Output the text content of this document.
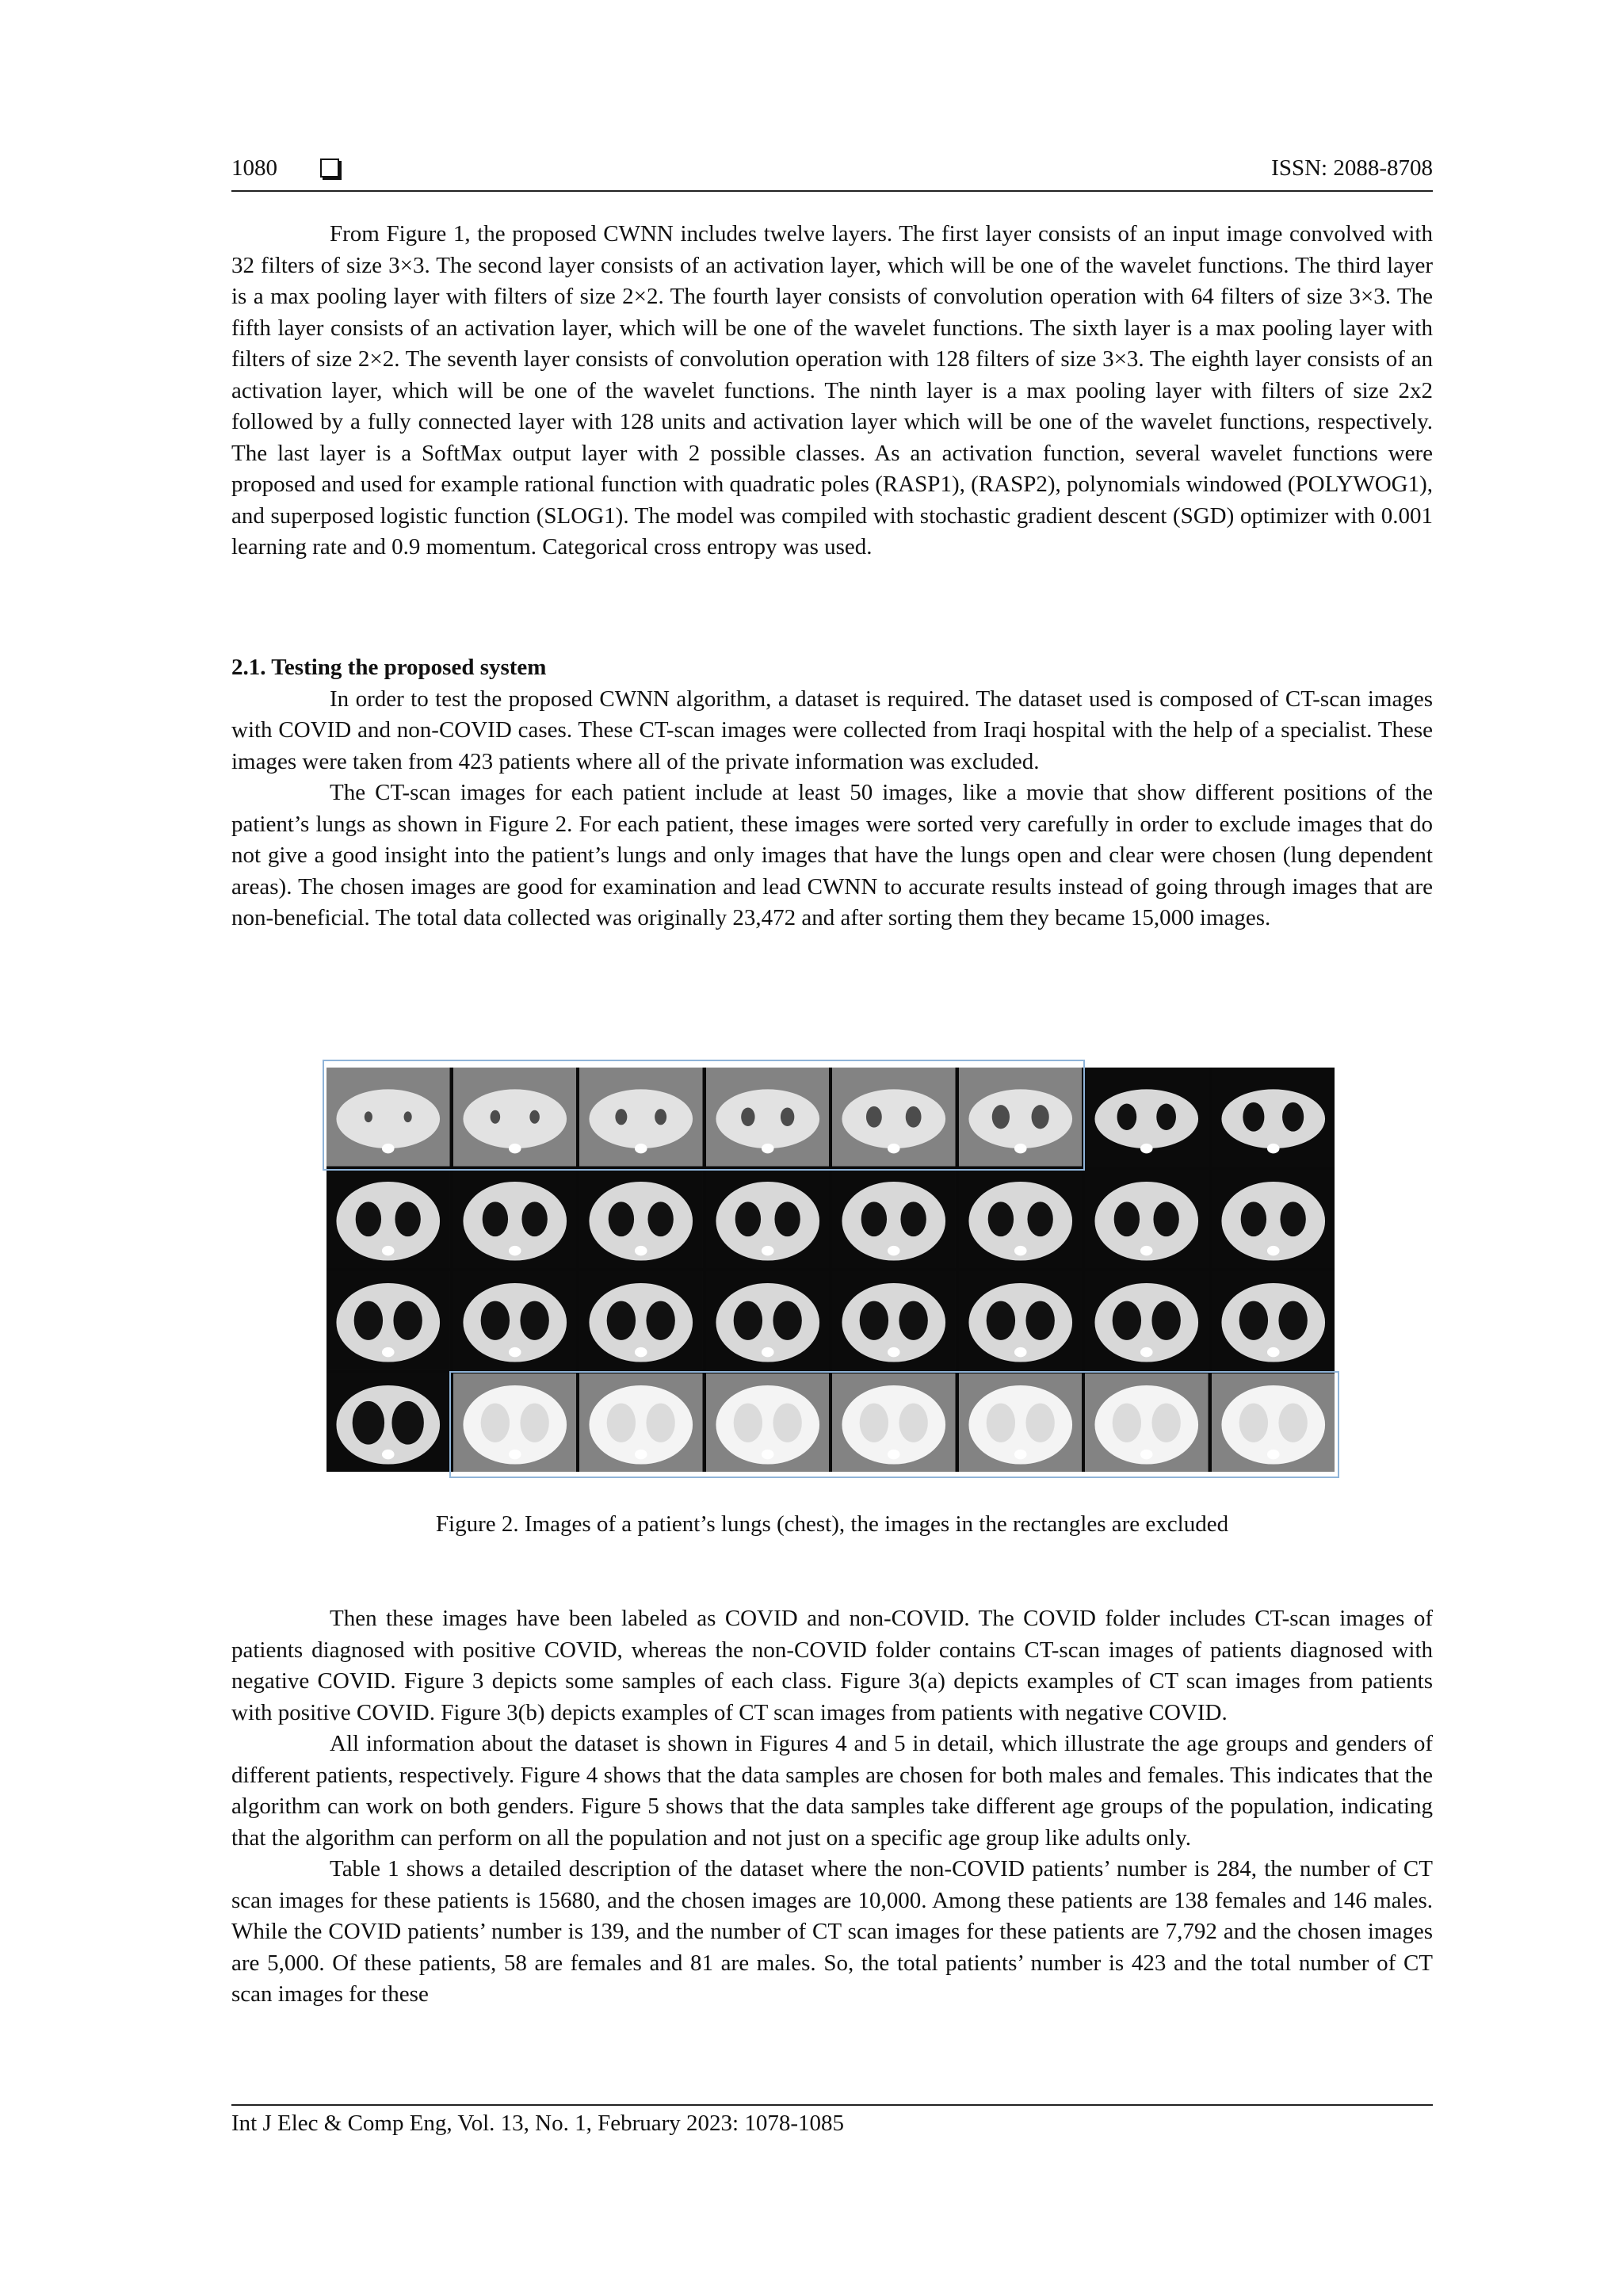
1080	ISSN: 2088-8708

From Figure 1, the proposed CWNN includes twelve layers. The first layer consists of an input image convolved with 32 filters of size 3×3. The second layer consists of an activation layer, which will be one of the wavelet functions. The third layer is a max pooling layer with filters of size 2×2. The fourth layer consists of convolution operation with 64 filters of size 3×3. The fifth layer consists of an activation layer, which will be one of the wavelet functions. The sixth layer is a max pooling layer with filters of size 2×2. The seventh layer consists of convolution operation with 128 filters of size 3×3. The eighth layer consists of an activation layer, which will be one of the wavelet functions. The ninth layer is a max pooling layer with filters of size 2x2 followed by a fully connected layer with 128 units and activation layer which will be one of the wavelet functions, respectively. The last layer is a SoftMax output layer with 2 possible classes. As an activation function, several wavelet functions were proposed and used for example rational function with quadratic poles (RASP1), (RASP2), polynomials windowed (POLYWOG1), and superposed logistic function (SLOG1). The model was compiled with stochastic gradient descent (SGD) optimizer with 0.001 learning rate and 0.9 momentum. Categorical cross entropy was used.

2.1. Testing the proposed system

In order to test the proposed CWNN algorithm, a dataset is required. The dataset used is composed of CT-scan images with COVID and non-COVID cases. These CT-scan images were collected from Iraqi hospital with the help of a specialist. These images were taken from 423 patients where all of the private information was excluded.

The CT-scan images for each patient include at least 50 images, like a movie that show different positions of the patient’s lungs as shown in Figure 2. For each patient, these images were sorted very carefully in order to exclude images that do not give a good insight into the patient’s lungs and only images that have the lungs open and clear were chosen (lung dependent areas). The chosen images are good for examination and lead CWNN to accurate results instead of going through images that are non-beneficial. The total data collected was originally 23,472 and after sorting them they became 15,000 images.

Figure 2. Images of a patient’s lungs (chest), the images in the rectangles are excluded

Then these images have been labeled as COVID and non-COVID. The COVID folder includes CT-scan images of patients diagnosed with positive COVID, whereas the non-COVID folder contains CT-scan images of patients diagnosed with negative COVID. Figure 3 depicts some samples of each class. Figure 3(a) depicts examples of CT scan images from patients with positive COVID. Figure 3(b) depicts examples of CT scan images from patients with negative COVID.

All information about the dataset is shown in Figures 4 and 5 in detail, which illustrate the age groups and genders of different patients, respectively. Figure 4 shows that the data samples are chosen for both males and females. This indicates that the algorithm can work on both genders. Figure 5 shows that the data samples take different age groups of the population, indicating that the algorithm can perform on all the population and not just on a specific age group like adults only.

Table 1 shows a detailed description of the dataset where the non-COVID patients’ number is 284, the number of CT scan images for these patients is 15680, and the chosen images are 10,000. Among these patients are 138 females and 146 males. While the COVID patients’ number is 139, and the number of CT scan images for these patients are 7,792 and the chosen images are 5,000. Of these patients, 58 are females and 81 are males. So, the total patients’ number is 423 and the total number of CT scan images for these

Int J Elec & Comp Eng, Vol. 13, No. 1, February 2023: 1078-1085
